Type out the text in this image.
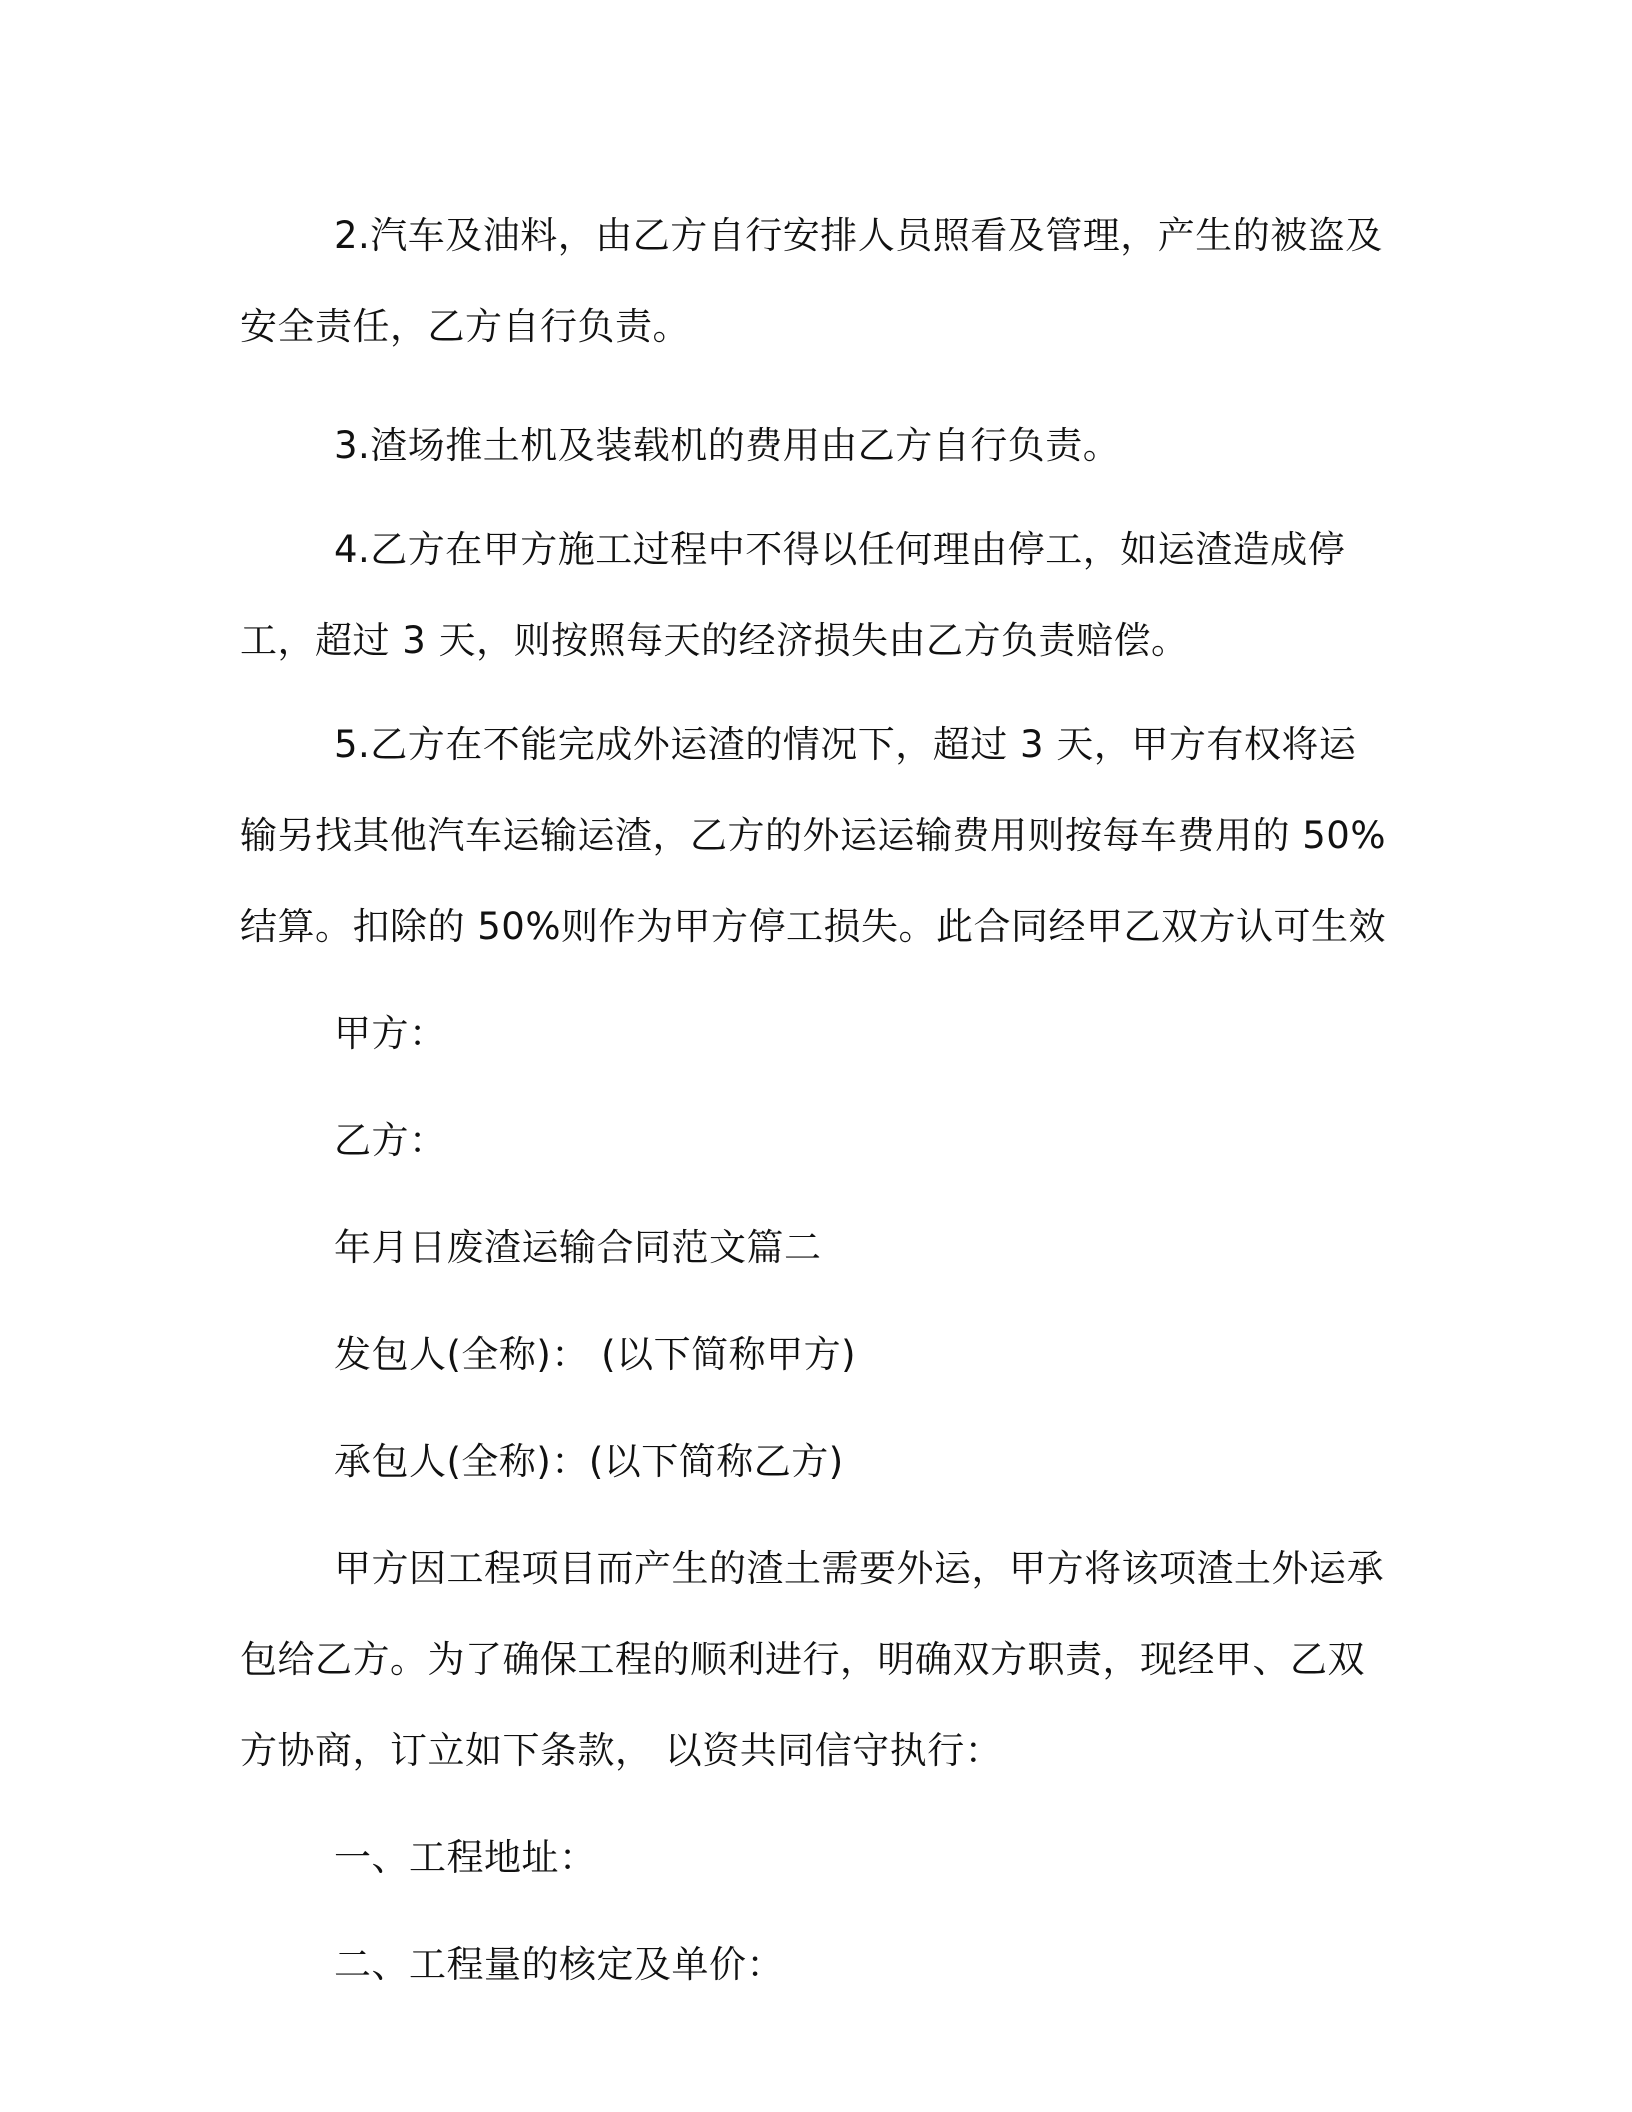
2.汽车及油料，由乙方自行安排人员照看及管理，产生的被盗及安全责任，乙方自行负责。

3.渣场推土机及装载机的费用由乙方自行负责。

4.乙方在甲方施工过程中不得以任何理由停工，如运渣造成停工，超过 3 天，则按照每天的经济损失由乙方负责赔偿。

5.乙方在不能完成外运渣的情况下，超过 3 天，甲方有权将运输另找其他汽车运输运渣，乙方的外运运输费用则按每车费用的 50%结算。扣除的 50%则作为甲方停工损失。此合同经甲乙双方认可生效

甲方：

乙方：

年月日废渣运输合同范文篇二

发包人(全称)： (以下简称甲方)

承包人(全称)：(以下简称乙方)

甲方因工程项目而产生的渣土需要外运，甲方将该项渣土外运承包给乙方。为了确保工程的顺利进行，明确双方职责，现经甲、乙双方协商，订立如下条款， 以资共同信守执行：

一、工程地址：

二、工程量的核定及单价：
